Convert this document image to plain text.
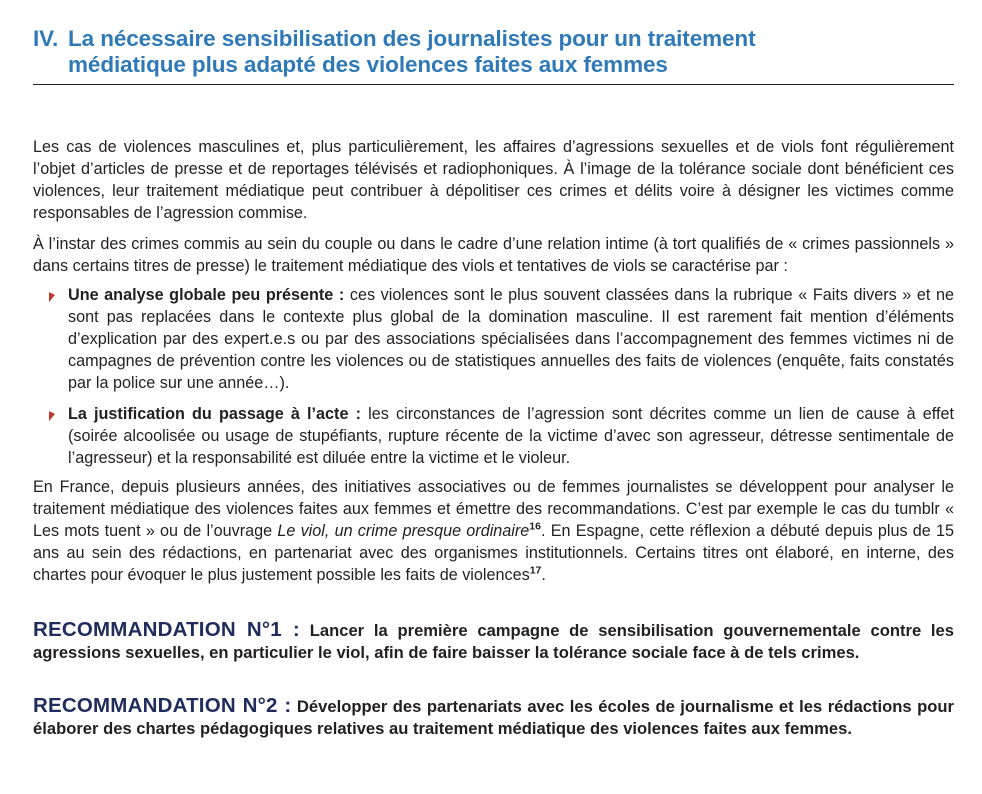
IV. La nécessaire sensibilisation des journalistes pour un traitement
médiatique plus adapté des violences faites aux femmes
Les cas de violences masculines et, plus particulièrement, les affaires d’agressions sexuelles et de viols font régulièrement l’objet d’articles de presse et de reportages télévisés et radiophoniques. À l’image de la tolérance sociale dont bénéficient ces violences, leur traitement médiatique peut contribuer à dépolitiser ces crimes et délits voire à désigner les victimes comme responsables de l’agression commise.
À l’instar des crimes commis au sein du couple ou dans le cadre d’une relation intime (à tort qualifiés de « crimes passionnels » dans certains titres de presse) le traitement médiatique des viols et tentatives de viols se caractérise par :
Une analyse globale peu présente : ces violences sont le plus souvent classées dans la rubrique « Faits divers » et ne sont pas replacées dans le contexte plus global de la domination masculine. Il est rarement fait mention d’éléments d’explication par des expert.e.s ou par des associations spécialisées dans l’accompagnement des femmes victimes ni de campagnes de prévention contre les violences ou de statistiques annuelles des faits de violences (enquête, faits constatés par la police sur une année…).
La justification du passage à l’acte : les circonstances de l’agression sont décrites comme un lien de cause à effet (soirée alcoolisée ou usage de stupéfiants, rupture récente de la victime d’avec son agresseur, détresse sentimentale de l’agresseur) et la responsabilité est diluée entre la victime et le violeur.
En France, depuis plusieurs années, des initiatives associatives ou de femmes journalistes se développent pour analyser le traitement médiatique des violences faites aux femmes et émettre des recommandations. C’est par exemple le cas du tumblr « Les mots tuent » ou de l’ouvrage Le viol, un crime presque ordinaire$^{16}$. En Espagne, cette réflexion a débuté depuis plus de 15 ans au sein des rédactions, en partenariat avec des organismes institutionnels. Certains titres ont élaboré, en interne, des chartes pour évoquer le plus justement possible les faits de violences$^{17}$.
RECOMMANDATION N°1 : Lancer la première campagne de sensibilisation gouvernementale contre les agressions sexuelles, en particulier le viol, afin de faire baisser la tolérance sociale face à de tels crimes.
RECOMMANDATION N°2 : Développer des partenariats avec les écoles de journalisme et les rédactions pour élaborer des chartes pédagogiques relatives au traitement médiatique des violences faites aux femmes.
